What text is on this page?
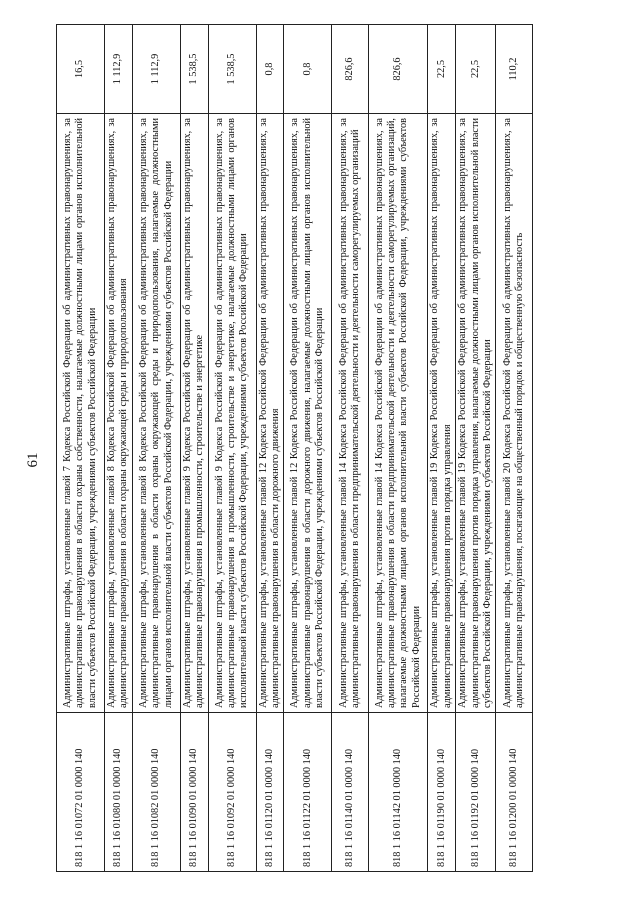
61
818 1 16 01072 01 0000 140	Административные штрафы, установленные главой 7 Кодекса Российской Федерации об административных правонарушениях, за административные правонарушения в области охраны собственности, налагаемые должностными лицами органов исполнительной власти субъектов Российской Федерации, учреждениями субъектов Российской Федерации	16,5
818 1 16 01080 01 0000 140	Административные штрафы, установленные главой 8 Кодекса Российской Федерации об административных правонарушениях, за административные правонарушения в области охраны окружающей среды и природопользования	1 112,9
818 1 16 01082 01 0000 140	Административные штрафы, установленные главой 8 Кодекса Российской Федерации об административных правонарушениях, за административные правонарушения в области охраны окружающей среды и природопользования, налагаемые должностными лицами органов исполнительной власти субъектов Российской Федерации, учреждениями субъектов Российской Федерации	1 112,9
818 1 16 01090 01 0000 140	Административные штрафы, установленные главой 9 Кодекса Российской Федерации об административных правонарушениях, за административные правонарушения в промышленности, строительстве и энергетике	1 538,5
818 1 16 01092 01 0000 140	Административные штрафы, установленные главой 9 Кодекса Российской Федерации об административных правонарушениях, за административные правонарушения в промышленности, строительстве и энергетике, налагаемые должностными лицами органов исполнительной власти субъектов Российской Федерации, учреждениями субъектов Российской Федерации	1 538,5
818 1 16 01120 01 0000 140	Административные штрафы, установленные главой 12 Кодекса Российской Федерации об административных правонарушениях, за административные правонарушения в области дорожного движения	0,8
818 1 16 01122 01 0000 140	Административные штрафы, установленные главой 12 Кодекса Российской Федерации об административных правонарушениях, за административные правонарушения в области дорожного движения, налагаемые должностными лицами органов исполнительной власти субъектов Российской Федерации, учреждениями субъектов Российской Федерации	0,8
818 1 16 01140 01 0000 140	Административные штрафы, установленные главой 14 Кодекса Российской Федерации об административных правонарушениях, за административные правонарушения в области предпринимательской деятельности и деятельности саморегулируемых организаций	826,6
818 1 16 01142 01 0000 140	Административные штрафы, установленные главой 14 Кодекса Российской Федерации об административных правонарушениях, за административные правонарушения в области предпринимательской деятельности и деятельности саморегулируемых организаций, налагаемые должностными лицами органов исполнительной власти субъектов Российской Федерации, учреждениями субъектов Российской Федерации	826,6
818 1 16 01190 01 0000 140	Административные штрафы, установленные главой 19 Кодекса Российской Федерации об административных правонарушениях, за административные правонарушения против порядка управления	22,5
818 1 16 01192 01 0000 140	Административные штрафы, установленные главой 19 Кодекса Российской Федерации об административных правонарушениях, за административные правонарушения против порядка управления, налагаемые должностными лицами органов исполнительной власти субъектов Российской Федерации, учреждениями субъектов Российской Федерации	22,5
818 1 16 01200 01 0000 140	Административные штрафы, установленные главой 20 Кодекса Российской Федерации об административных правонарушениях, за административные правонарушения, посягающие на общественный порядок и общественную безопасность	110,2
